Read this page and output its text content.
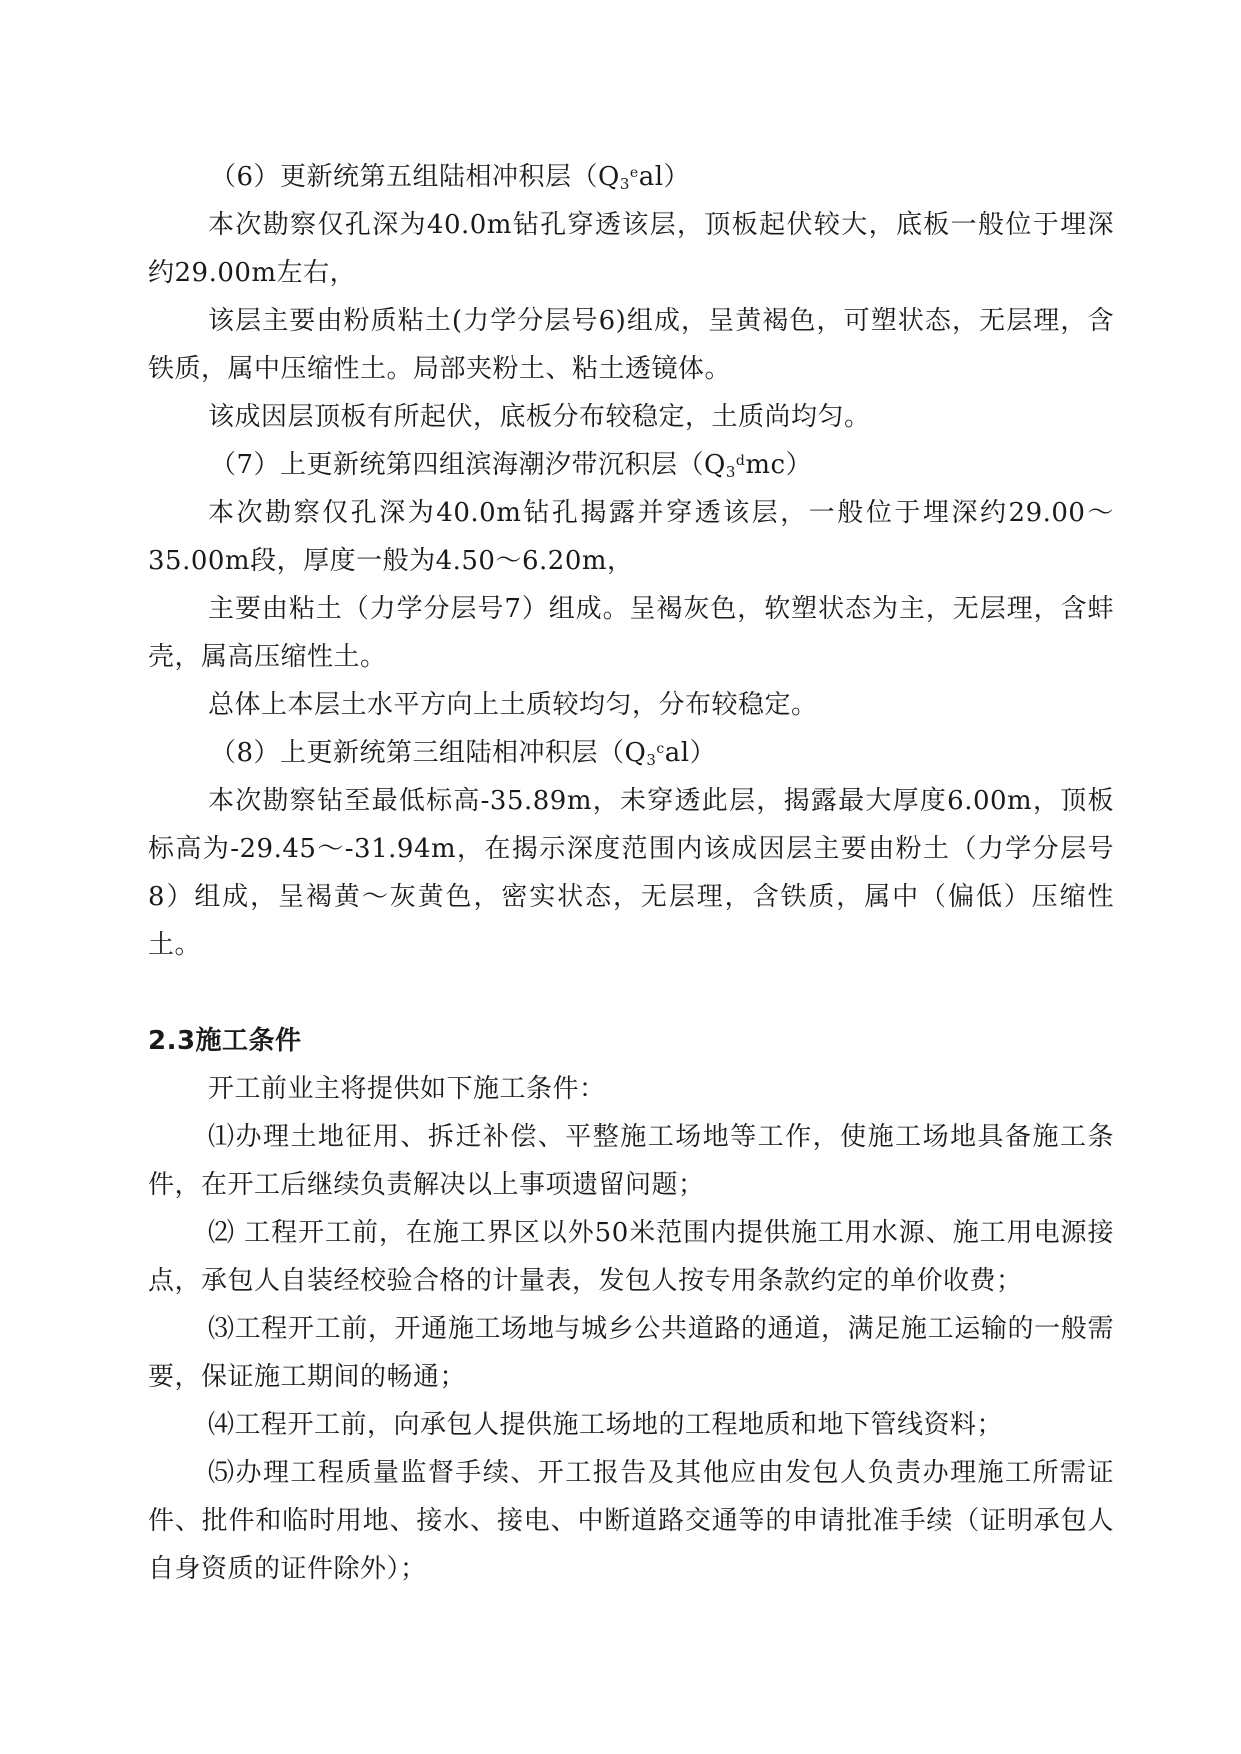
（6）更新统第五组陆相冲积层$(Q_3^eal)$

本次勘察仅孔深为40.0m钻孔穿透该层，顶板起伏较大，底板一般位于埋深约29.00m左右，

该层主要由粉质粘土(力学分层号6)组成，呈黄褐色，可塑状态，无层理，含铁质，属中压缩性土。局部夹粉土、粘土透镜体。

该成因层顶板有所起伏，底板分布较稳定，土质尚均匀。

（7）上更新统第四组滨海潮汐带沉积层$(Q_3^dmc)$

本次勘察仅孔深为40.0m钻孔揭露并穿透该层，一般位于埋深约29.00～35.00m段，厚度一般为4.50～6.20m，

主要由粘土（力学分层号7）组成。呈褐灰色，软塑状态为主，无层理，含蚌壳，属高压缩性土。

总体上本层土水平方向上土质较均匀，分布较稳定。

（8）上更新统第三组陆相冲积层$(Q_3^cal)$

本次勘察钻至最低标高-35.89m，未穿透此层，揭露最大厚度6.00m，顶板标高为-29.45～-31.94m，在揭示深度范围内该成因层主要由粉土（力学分层号8）组成，呈褐黄～灰黄色，密实状态，无层理，含铁质，属中（偏低）压缩性土。

2.3施工条件

开工前业主将提供如下施工条件：

⑴办理土地征用、拆迁补偿、平整施工场地等工作，使施工场地具备施工条件，在开工后继续负责解决以上事项遗留问题；

⑵ 工程开工前，在施工界区以外50米范围内提供施工用水源、施工用电源接点，承包人自装经校验合格的计量表，发包人按专用条款约定的单价收费；

⑶工程开工前，开通施工场地与城乡公共道路的通道，满足施工运输的一般需要，保证施工期间的畅通；

⑷工程开工前，向承包人提供施工场地的工程地质和地下管线资料；

⑸办理工程质量监督手续、开工报告及其他应由发包人负责办理施工所需证件、批件和临时用地、接水、接电、中断道路交通等的申请批准手续（证明承包人自身资质的证件除外）；
